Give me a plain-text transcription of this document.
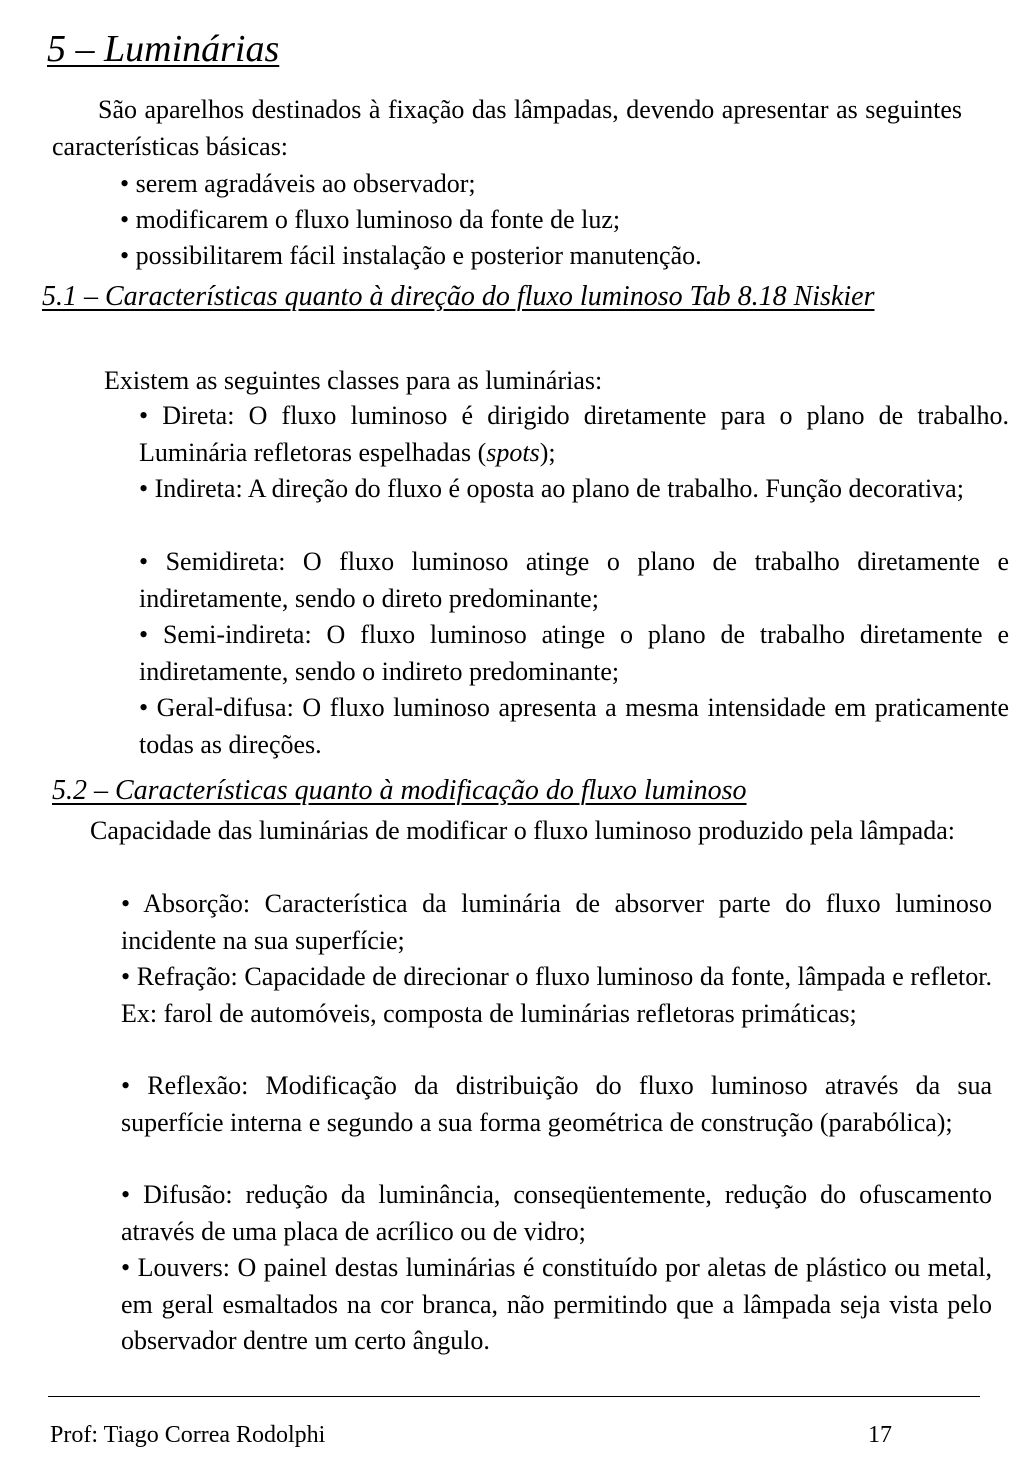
5 – Luminárias
São aparelhos destinados à fixação das lâmpadas, devendo apresentar as seguintes características básicas:
• serem agradáveis ao observador;
• modificarem o fluxo luminoso da fonte de luz;
• possibilitarem fácil instalação e posterior manutenção.
5.1 – Características quanto à direção do fluxo luminoso Tab 8.18 Niskier
Existem as seguintes classes para as luminárias:
• Direta: O fluxo luminoso é dirigido diretamente para o plano de trabalho. Luminária refletoras espelhadas (spots);
• Indireta: A direção do fluxo é oposta ao plano de trabalho. Função decorativa;
• Semidireta: O fluxo luminoso atinge o plano de trabalho diretamente e indiretamente, sendo o direto predominante;
• Semi-indireta: O fluxo luminoso atinge o plano de trabalho diretamente e indiretamente, sendo o indireto predominante;
• Geral-difusa: O fluxo luminoso apresenta a mesma intensidade em praticamente todas as direções.
5.2 – Características quanto à modificação do fluxo luminoso
Capacidade das luminárias de modificar o fluxo luminoso produzido pela lâmpada:
• Absorção: Característica da luminária de absorver parte do fluxo luminoso incidente na sua superfície;
• Refração: Capacidade de direcionar o fluxo luminoso da fonte, lâmpada e refletor. Ex: farol de automóveis, composta de luminárias refletoras primáticas;
• Reflexão: Modificação da distribuição do fluxo luminoso através da sua superfície interna e segundo a sua forma geométrica de construção (parabólica);
• Difusão: redução da luminância, conseqüentemente, redução do ofuscamento através de uma placa de acrílico ou de vidro;
• Louvers: O painel destas luminárias é constituído por aletas de plástico ou metal, em geral esmaltados na cor branca, não permitindo que a lâmpada seja vista pelo observador dentre um certo ângulo.
Prof: Tiago Correa Rodolphi	17
